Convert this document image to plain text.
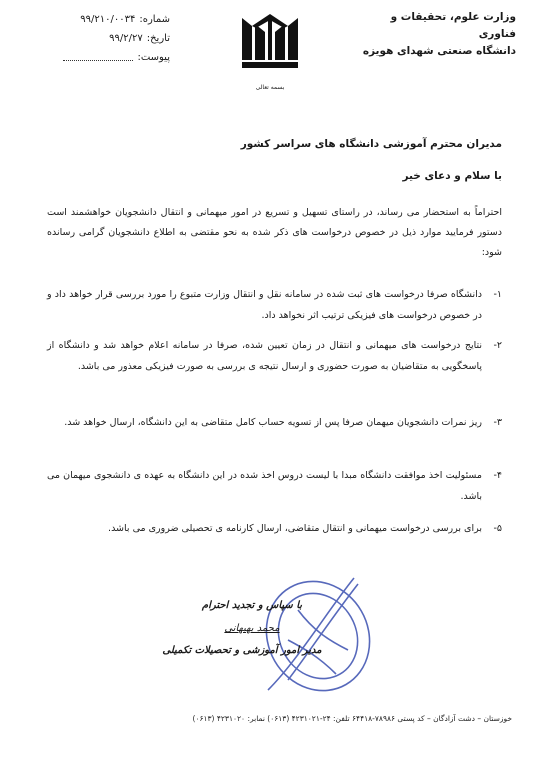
وزارت علوم، تحقیقات و فناوری
دانشگاه صنعتی شهدای هویزه
شماره:
۹۹/۲۱۰/۰۰۳۴
تاریخ:
۹۹/۲/۲۷
پیوست:
بسمه تعالی
مدیران محترم آموزشی دانشگاه های سراسر کشور
با سلام و دعای خیر

احتراماً به استحضار می رساند، در راستای تسهیل و تسریع در امور میهمانی و انتقال دانشجویان خواهشمند است دستور فرمایید موارد ذیل در خصوص درخواست های ذکر شده به نحو مقتضی به اطلاع دانشجویان گرامی رسانده شود:

۱-
دانشگاه صرفا درخواست های ثبت شده در سامانه نقل و انتقال وزارت متبوع را مورد بررسی قرار خواهد داد و در خصوص درخواست های فیزیکی ترتیب اثر نخواهد داد.
۲-
نتایج درخواست های میهمانی و انتقال در زمان تعیین شده، صرفا در سامانه اعلام خواهد شد و دانشگاه از پاسخگویی به متقاضیان به صورت حضوری و ارسال نتیجه ی بررسی به صورت فیزیکی معذور می باشد.
۳-
ریز نمرات دانشجویان میهمان صرفا پس از تسویه حساب کامل متقاضی به این دانشگاه، ارسال خواهد شد.
۴-
مسئولیت اخذ موافقت دانشگاه مبدا با لیست دروس اخذ شده در این دانشگاه به عهده ی دانشجوی میهمان می باشد.
۵-
برای بررسی درخواست میهمانی و انتقال متقاضی، ارسال کارنامه ی تحصیلی ضروری می باشد.
با سپاس و تجدید احترام
محمد بهبهانی
مدیر امور آموزشی و تحصیلات تکمیلی
خوزستان – دشت آزادگان – کد پستی ۷۸۹۸۶-۶۴۴۱۸ تلفن: ۲۴-۴۲۳۱۰۲۱ (۰۶۱۳) نمابر: ۴۲۳۱۰۲۰ (۰۶۱۳)
